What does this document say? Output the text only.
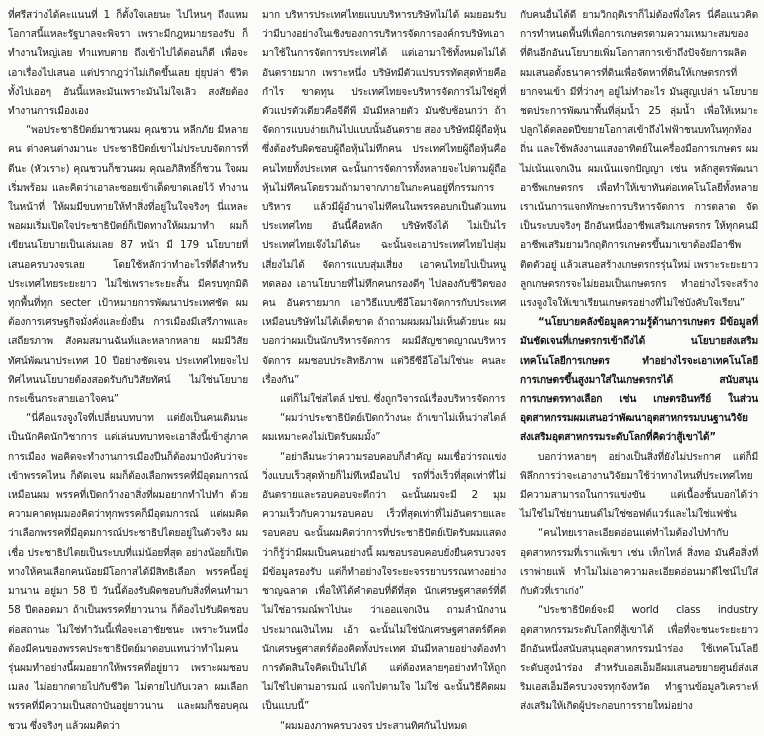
ที่ศรีสว่างได้คะแนนที่ 1 ก็ตั้งใจเลยนะ ไปไหนๆ ถึงแหม โอกาสนี้แหละรัฐบาลจะพิจรา เพราะมีกฎหมายรองรับ ก็ทำงานใหญ่เลย ทำแทบตาย ถึงเข้าไปได้ตอนก็ดี เพื่อจะเอาเรื่องไปเสนอ แต่ปรากฎว่าไม่เกิดขึ้นเลย ยุ่ยุปล่า ชีวิตทั้งไปเออๆ อันนี้แหละมันเพราะมันไม่ใจเลิว สงสัยต้องทำงานการเมืองเอง

“พอประชาธิปัตย์มาชวนผม คุณชวน หลีกภัย มีหลายคน ต่างคนต่างมานะ ประชาธิปัตย์เขาไม่ประบบจัดการที่ดีนะ (หัวเราะ) คุณชวนก็ชวนผม คุณอภิสิทธิ์ก็ชวน ใจผมเริ่มพร้อม และคิดว่าเอาละซอยเข้าเด็ดขาดเลยไว้ ทำงานในหน้าที่ ให้ผมมีขบทายให้ทำสิ่งที่อยู่ในใจจริงๆ นี่แหละพอผมเริ่มเปิดใจประชาธิปัตย์ก็เปิดทางให้ผมมาทำ ผมก็เขียนนโยบายเป็นเล่มเลย 87 หน้า มี 179 นโยบายที่เสนอครบวงจรเลย โดยใช้หลักว่าทำอะไรที่ดีสำหรับประเทศไทยระยะยาว ไม่ใช่เพราะระยะสั้น มีครบทุกมิติ ทุกพื้นที่ทุก secter เป้าหมายการพัฒนาประเทศชัด ผมต้องการเศรษฐกิจมั่งคั่งและยั่งยืน การเมืองมีเสรีภาพและเสถียรภาพ สังคมสมานฉันท์และหลากหลาย ผมมีวิสัยทัศน์พัฒนาประเทศ 10 ปีอย่างชัดเจน ประเทศไทยจะไปทิศไหนนโยบายต้องสอดรับกับวิสัยทัศน์ ไม่ใช่นโยบายกระเซ็นกระสายเอาใจคน”

“นี่คือแรงจูงใจที่เปลี่ยนบทบาท แต่ยังเป็นคนเดิมนะ เป็นนักคิดนักวิชาการ แต่เล่นบทบาทจะเอาสิ่งนี้เข้าสู่ภาคการเมือง พอคิดจะทำงานการเมืองปืนก็ต้องมาบังคับว่าจะเข้าพรรคไหน ก็ตัดเจน ผมก็ต้องเลือกพรรคที่มีอุดมการณ์เหมือนผม พรรคที่เปิดกว้างอาสิ่งที่ผมอยากทำไปทำ ด้วยความคาดพุมมองคิดว่าทุกพรรคก็มีอุดมการณ์ แต่ผมคิดว่าเลือกพรรคที่มีอุดมการณ์ประชาธิปไตยอยู่ในตัวจริง ผมเชื่อ ประชาธิปไตยเป็นระบบที่แม่น้อยที่สุด อย่างน้อยก็เปิดทางให้คนเลือกคนน้อยมีโอกาสได้มีสิทธิเลือก พรรคนี้อยู่มานาน อยู่มา 58 ปี วันนี้ต้องรับผิดชอบกับสิ่งที่คนทำมา 58 ปีตลอดมา ถ้าเป็นพรรคที่ยาวนาน ก็ต้องไปรับผิดชอบต่อสถานะ ไม่ใช่ทำวันนี้เพื่อจะเอาชัยชนะ เพราะวันหนึ่งต้องมีคนของพรรคประชาธิปัตย์มาตอบแทนว่าทำไมคนรุ่นผมทำอย่างนี้ผมอยากให้พรรคที่อยู่ยาว เพราะผมชอบเมลง ไม่อยากตายไปกับชีวิต ไม่ตายไปกับเวลา ผมเลือกพรรคที่มีความเป็นสถาบันอยู่ยาวนาน และผมก็ชอบคุณชวน ซึ่งจริงๆ แล้วผมคิดว่า

มาก บริหารประเทศไทยแบบบริหารบริษัทไม่ได้ ผมยอมรับว่ามีบางอย่างในเชิงของการบริหารจัดการองค์กรบริษัทเอามาใช้ในการจัดการประเทศได้ แต่เอามาใช้ทั้งหมดไม่ได้ อันตรายมาก เพราะหนึ่ง บริษัทมีตัวแปรบรรทัดสุดท้ายคือกำไร ขาดทุน ประเทศไทยจะบริหารจัดการไม่ใช่ดูที่ตัวแปรตัวเดียวคือจีดีพี มันมีหลายตัว มันซับซ้อนกว่า ถ้าจัดการแบบง่ายเกินไปแบบนั้นอันตราย สอง บริษัทมีผู้ถือหุ้น ซึ่งต้องรับผิดชอบผู้ถือหุ้นไม่ทึกคน ประเทศไทยผู้ถือหุ้นคือคนไทยทั้งประเทศ ฉะนั้นการจัดการทั้งหลายจะไปตามผู้ถือหุ้นไม่ทึคนโดยรวมถ้ามาจากภายในกะคนอยู่ที่กรรมการบริหาร แล้วมีผู้อำนาจไม่ทึคนในพรรคอบกเป็นตัวแทนประเทศไทย อันนี้คือหลัก บริษัทจึงได้ ไม่เป็นไร ประเทศไทยเจ๊งไม่ได้นะ ฉะนั้นจะเอาประเทศไทยไปสุ่มเสี่ยงไม่ได้ จัดการแบบสุ่มเสี่ยง เอาคนไทยไปเป็นหนูทดลอง เอานโยบายที่ไม่ทึกคนกรองดีๆ ไปลองกับชีวิตของคน อันตรายมาก เอาวิธีแบบซีอีโอมาจัดการกับประเทศเหมือนบริษัทไม่ได้เด็ดขาด ถ้าถามผมผมไม่เห็นด้วยนะ ผมบอกว่าผมเป็นนักบริหารจัดการ ผมมีสัญชาตญาณบริหารจัดการ ผมชอบประสิทธิภาพ แต่วิธีซีอีโอไม่ใช่นะ คนละเรื่องกัน”

แต่ก็ไม่ใช่สไตล์ ปชป. ซึ่งถูกวิจารณ์เรื่องบริหารจัดการ

“ผมว่าประชาธิปัตย์เปิดกว้างนะ ถ้าเขาไม่เห็นว่าสไตล์ผมเหมาะคงไม่เปิดรับผมมั้ง”

“อย่าลืมนะว่าความรอบคอบก็สำคัญ ผมเชื่อว่ารถแข่งวิ่งแบบเร็วสุดท้ายก็ไม่ทึเหมือนไป รถที่วิ่งเร็วที่สุดเท่าที่ไม่อันตรายและรอบคอบจะดีกว่า ฉะนั้นผมจะมี 2 มุม ความเร็วกับความรอบคอบ เร็วที่สุดเท่าที่ไม่อันตรายและรอบคอบ ฉะนั้นผมคิดว่าการที่ประชาธิปัตย์เปิดรับผมแสดงว่าก็รู้ว่ามีผมเป็นคนอย่างนี้ ผมชอบรอบคอบยั่งยืนครบวงจรมีข้อมูลรองรับ แต่ก็ทำอย่างใจระยะจรรยาบรรณทางอย่างชาญฉลาด เพื่อให้ได้คำตอบที่ดีที่สุด นักเศรษฐศาสตร์ที่ดีไม่ใช่อารมณ์พาไปนะ ว่าเออแจกเงิน ถามลำนักงานประมาณเงินไหม เอ้า ฉะนั้นไม่ใช่นักเศรษฐศาสตร์ดีคด นักเศรษฐศาสตร์ต้องคิดทั้งประเทศ มันมีหลายอย่างต้องทำ การตัดสินใจคิดเป็นไปได้ แต่ต้องหลายๆอย่างทำให้ถูก ไม่ใช่ไปตามอารมณ์ แจกไปตามใจ ไม่ใช่ ฉะนั้นวิธีคิดผมเป็นแบบนี้”

“ผมมองภาพครบวงจร ประสานทิศกันไปหมด

กับคนอื่นได้ดี ยามวิกฤติเราก็ไม่ต้องพึ่งใคร นี่คือแนวคิดการทำหนดพื้นที่เพื่อการเกษตรตามความเหมาะสมของที่ดินอีกอันนโยบายเพิ่มโอกาสการเข้าถึงปัจจัยการผลิต ผมเสนอตั้งธนาคารที่ดินเพื่อจัดหาที่ดินให้เกษตรกรที่ยากจนเข้า มีที่ว่างๆ อยู่ไม่ทำอะไร มันสูญเปล่า นโยบายชดประการพัฒนาพื้นที่ลุ่มน้ำ 25 ลุ่มน้ำ เพื่อให้เหมาะปลูกได้ตลอดปีขยายโอกาสเข้าถึงไฟฟ้าชนบทในทุกท้องถิ่น และใช้พลังงานแสงอาทิตย์ในเครื่องมือการเกษตร ผมไม่เน้นแจกเงิน ผมเน้นแจกปัญญา เช่น หลักสูตรพัฒนาอาชีพเกษตรกร เพื่อทำให้เขาทันต่อเทคโนโลยีทั้งหลาย เราเน้นการแจกทักษะการบริหารจัดการ การตลาด จัดเป็นระบบจริงๆ อีกอันหนึ่งอาชีพเสริมเกษตรกร ให้ทุกคนมีอาชีพเสริมยามวิกฤติการเกษตรขึ้นมาเขาต้องมีอาชีพติดตัวอยู่ แล้วเสนอสร้างเกษตรกรรุ่นใหม่ เพราะระยะยาวลูกเกษตรกรจะไม่ยอมเป็นเกษตรกร ทำอย่างไรจะสร้างแรงจูงใจให้เขาเรียนเกษตรอย่างที่ไม่ใช่บังคับใจเรียน”

“นโยบายคลังข้อมูลความรู้ด้านการเกษตร มีข้อมูลที่มันชัดเจนที่เกษตรกรเข้าถึงได้ นโยบายส่งเสริมเทคโนโลยีการเกษตร ทำอย่างไรจะเอาเทคโนโลยีการเกษตรขึ้นสูงมาใส่ในเกษตรกรได้ สนับสนุนการเกษตรทางเลือก เช่น เกษตรอินทรีย์ ในส่วนอุตสาหกรรมผมเสนอว่าพัฒนาอุตสาหกรรมบนฐานวิจัย ส่งเสริมอุตสาหกรรมระดับโลกที่คิดว่าสู้เขาได้”

บอกว่าหลายๆ อย่างเป็นสิ่งที่ยังไม่ประกาศ แต่ก็มีพิลึกการว่าจะเอางานวิจัยมาใช้ว่าทางไหนที่ประเทศไทยมีความสามารถในการแข่งขัน แต่เนื้องชั้นบอกได้ว่าไม่ใช่ไม่ใช่ยานยนต์ไม่ใช่ซอฟต์แวร์และไม่ใช่แฟชั่น

“คนไทยเราละเอียดอ่อนแต่ทำไมต้องไปทำกับอุตสาหกรรมที่เราแพ้เขา เช่น เท็กไทล์ สิ่งทอ มันคือสิ่งที่เราพ่ายแพ้ ทำไมไม่เอาความละเอียดอ่อนมาดีไซน์ไปใส่กับตัวที่เราเก่ง”

“ประชาธิปัตย์จะมี world class industry อุตสาหกรรมระดับโลกที่สู้เขาได้ เพื่อที่จะชนะระยะยาวอีกอันหนึ่งสนับสนุนอุตสาหกรรมนำร่อง ใช้เทคโนโลยีระดับสูงนำร่อง สำหรับเอสเอ็มอีผมเสนอขยายศูนย์ส่งเสริมเอสเอ็มอีครบวงจรทุกจังหวัด ทำฐานข้อมูลวิเคราะห์ ส่งเสริมให้เกิดผู้ประกอบการรายใหม่อย่าง
